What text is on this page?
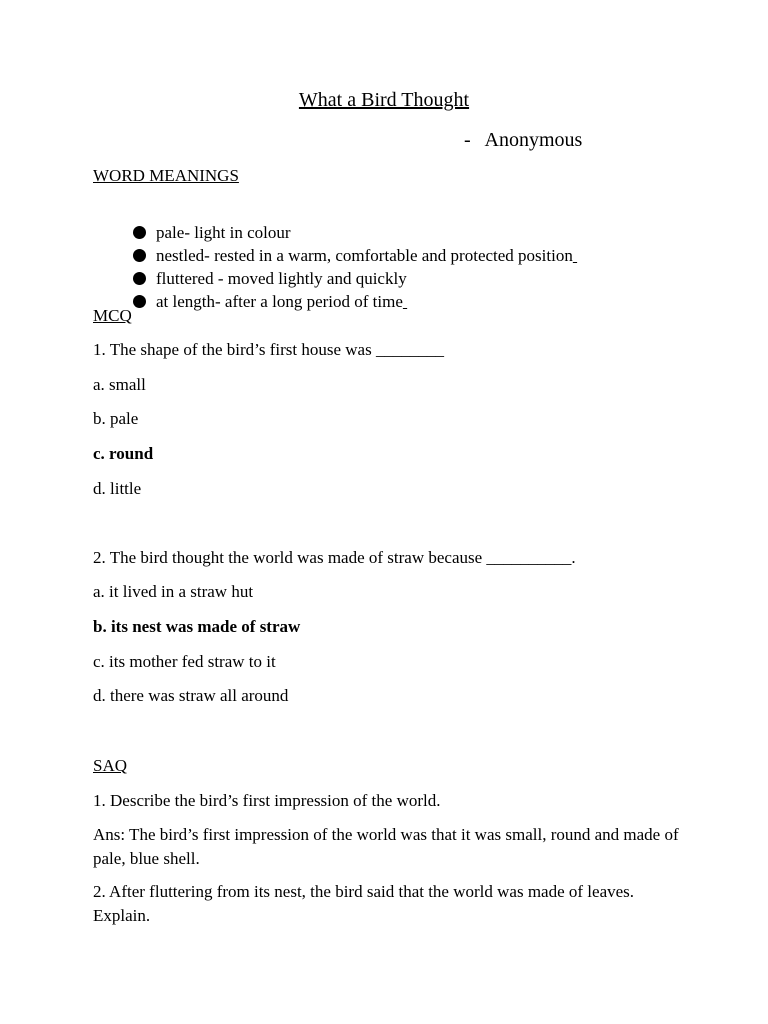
What a Bird Thought
-   Anonymous
WORD MEANINGS

pale- light in colour

nestled- rested in a warm, comfortable and protected position

fluttered - moved lightly and quickly

at length- after a long period of time

MCQ
1. The shape of the bird’s first house was ________
a. small
b. pale
c. round
d. little
2. The bird thought the world was made of straw because __________.
a. it lived in a straw hut
b. its nest was made of straw
c. its mother fed straw to it
d. there was straw all around
SAQ
1. Describe the bird’s first impression of the world.
Ans: The bird’s first impression of the world was that it was small, round and made of pale, blue shell.
2. After fluttering from its nest, the bird said that the world was made of leaves. Explain.
